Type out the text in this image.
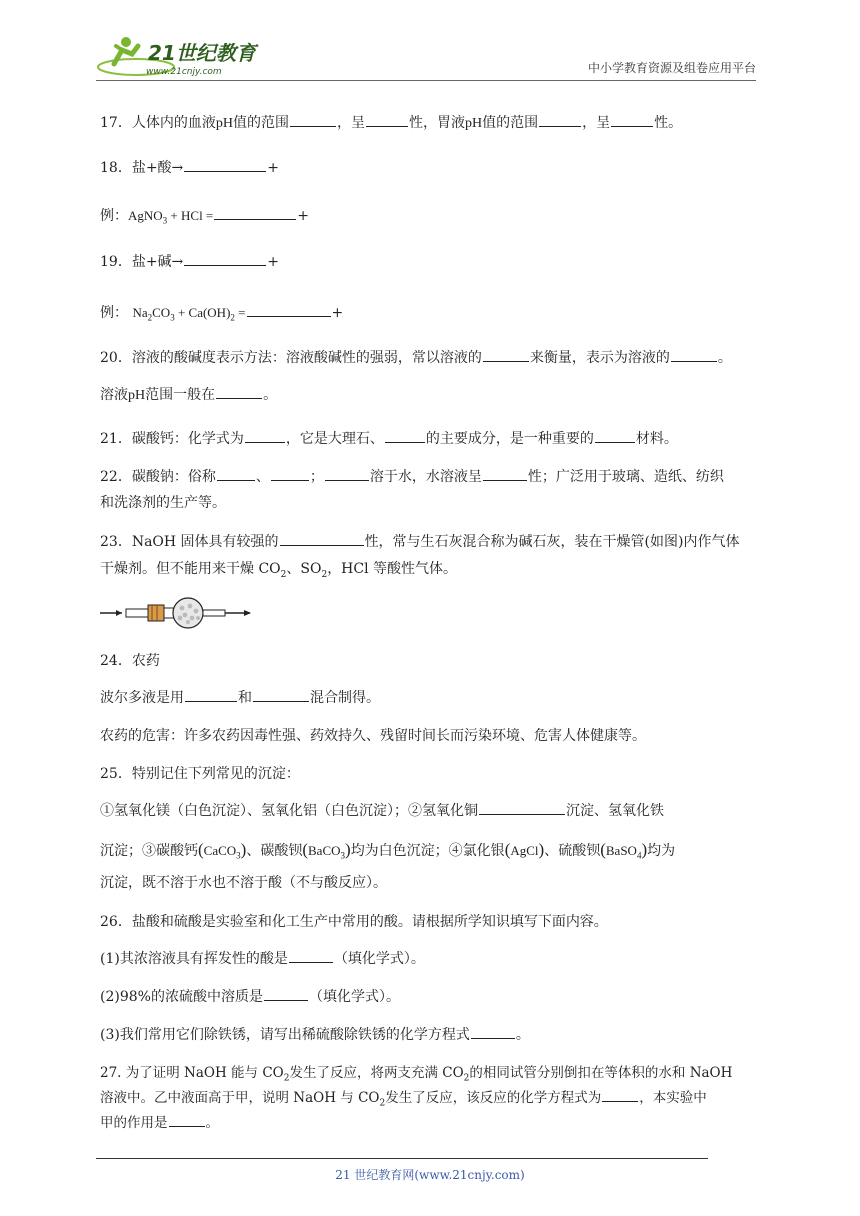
21世纪教育
www.21cnjy.com	中小学教育资源及组卷应用平台
17．人体内的血液pH值的范围	，呈	性，胃液pH值的范围	，呈	性。
18．盐+酸→	+
例：AgNO$_3$ + HCl =	+
19．盐+碱→	+
例： $Na_2CO_3 + Ca(OH)_2$ =	+
20．溶液的酸碱度表示方法：溶液酸碱性的强弱，常以溶液的	来衡量，表示为溶液的	。
溶液pH范围一般在	。
21．碳酸钙：化学式为	，它是大理石、	的主要成分，是一种重要的	材料。
22．碳酸钠：俗称	、	；	溶于水，水溶液呈	性；广泛用于玻璃、造纸、纺织
和洗涤剂的生产等。
23．NaOH 固体具有较强的	性，常与生石灰混合称为碱石灰，装在干燥管(如图)内作气体
干燥剂。但不能用来干燥 $CO_2$、$SO_2$，HCl 等酸性气体。
24．农药
波尔多液是用	和	混合制得。
农药的危害：许多农药因毒性强、药效持久、残留时间长而污染环境、危害人体健康等。
25．特别记住下列常见的沉淀：
①氢氧化镁（白色沉淀）、氢氧化铝（白色沉淀）；②氢氧化铜	沉淀、氢氧化铁
沉淀；③碳酸钙(CaCO$_3$)、碳酸钡(BaCO$_3$)均为白色沉淀；④氯化银(AgCl)、硫酸钡(BaSO$_4$)均为
沉淀，既不溶于水也不溶于酸（不与酸反应）。
26．盐酸和硫酸是实验室和化工生产中常用的酸。请根据所学知识填写下面内容。
(1)其浓溶液具有挥发性的酸是	（填化学式）。
(2)98%的浓硫酸中溶质是	（填化学式）。
(3)我们常用它们除铁锈，请写出稀硫酸除铁锈的化学方程式	。
27. 为了证明 NaOH 能与 $CO_2$发生了反应，将两支充满 $CO_2$的相同试管分别倒扣在等体积的水和 NaOH
溶液中。乙中液面高于甲，说明 NaOH 与 $CO_2$发生了反应，该反应的化学方程式为	，本实验中
甲的作用是	。
21 世纪教育网(www.21cnjy.com)
